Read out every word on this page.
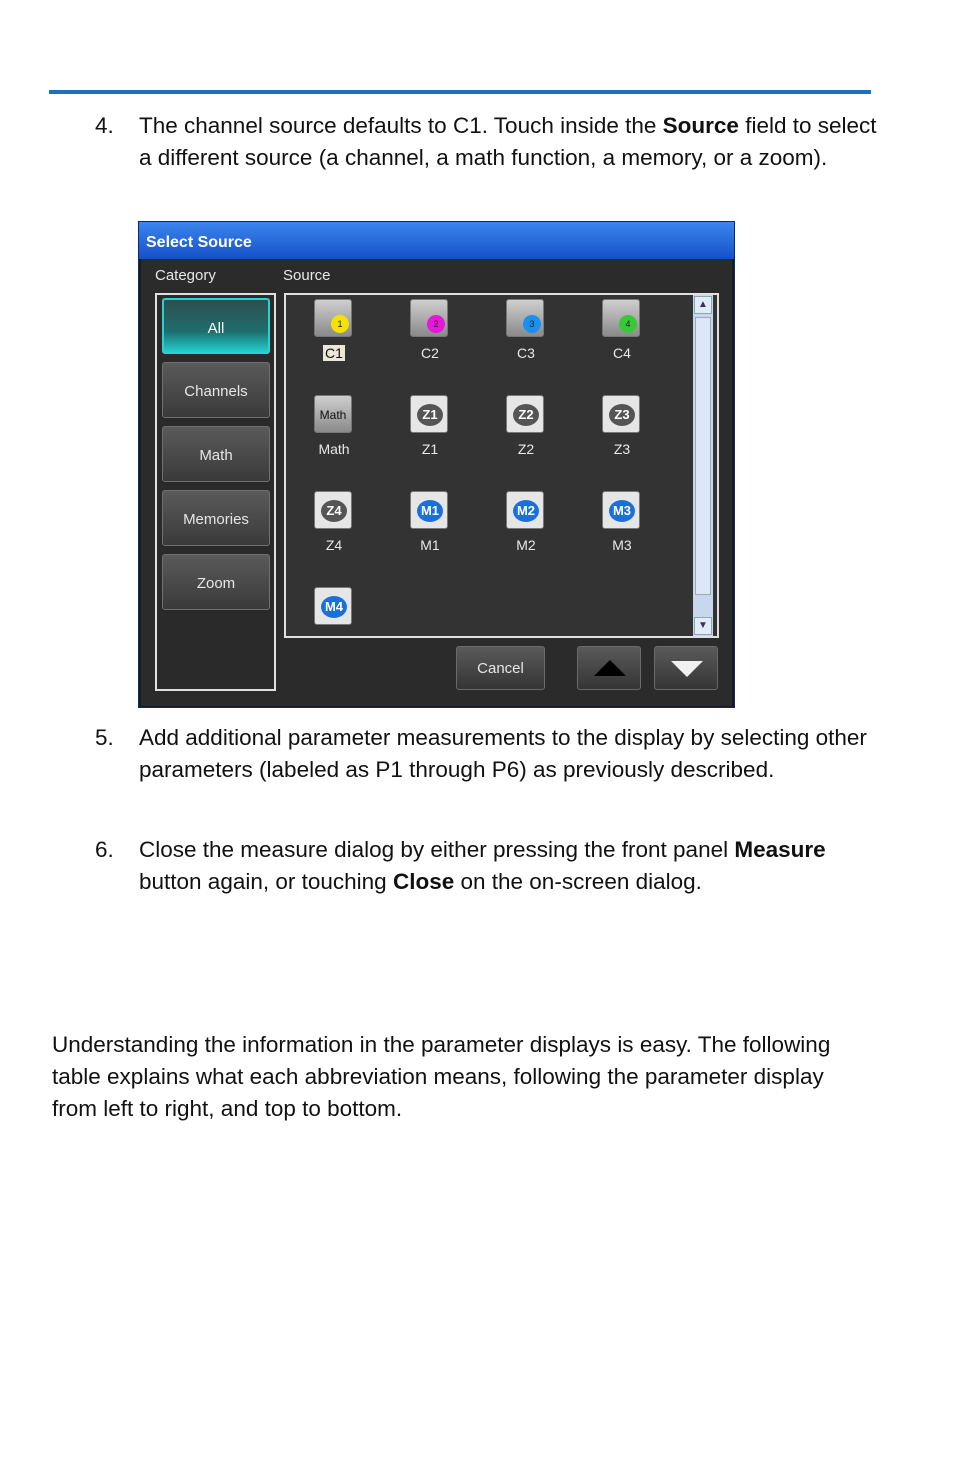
4.	The channel source defaults to C1. Touch inside the Source field to select a different source (a channel, a math function, a memory, or a zoom).
Select Source
Category	Source
All
Channels
Math
Memories
Zoom
1
C1
2
C2
3
C3
4
C4
Math
Math
Z1
Z1
Z2
Z2
Z3
Z3
Z4
Z4
M1
M1
M2
M2
M3
M3
M4
▲
▼
Cancel
5.	Add additional parameter measurements to the display by selecting other parameters (labeled as P1 through P6) as previously described.
6.	Close the measure dialog by either pressing the front panel Measure button again, or touching Close on the on-screen dialog.
Understanding the information in the parameter displays is easy. The following table explains what each abbreviation means, following the parameter display from left to right, and top to bottom.
